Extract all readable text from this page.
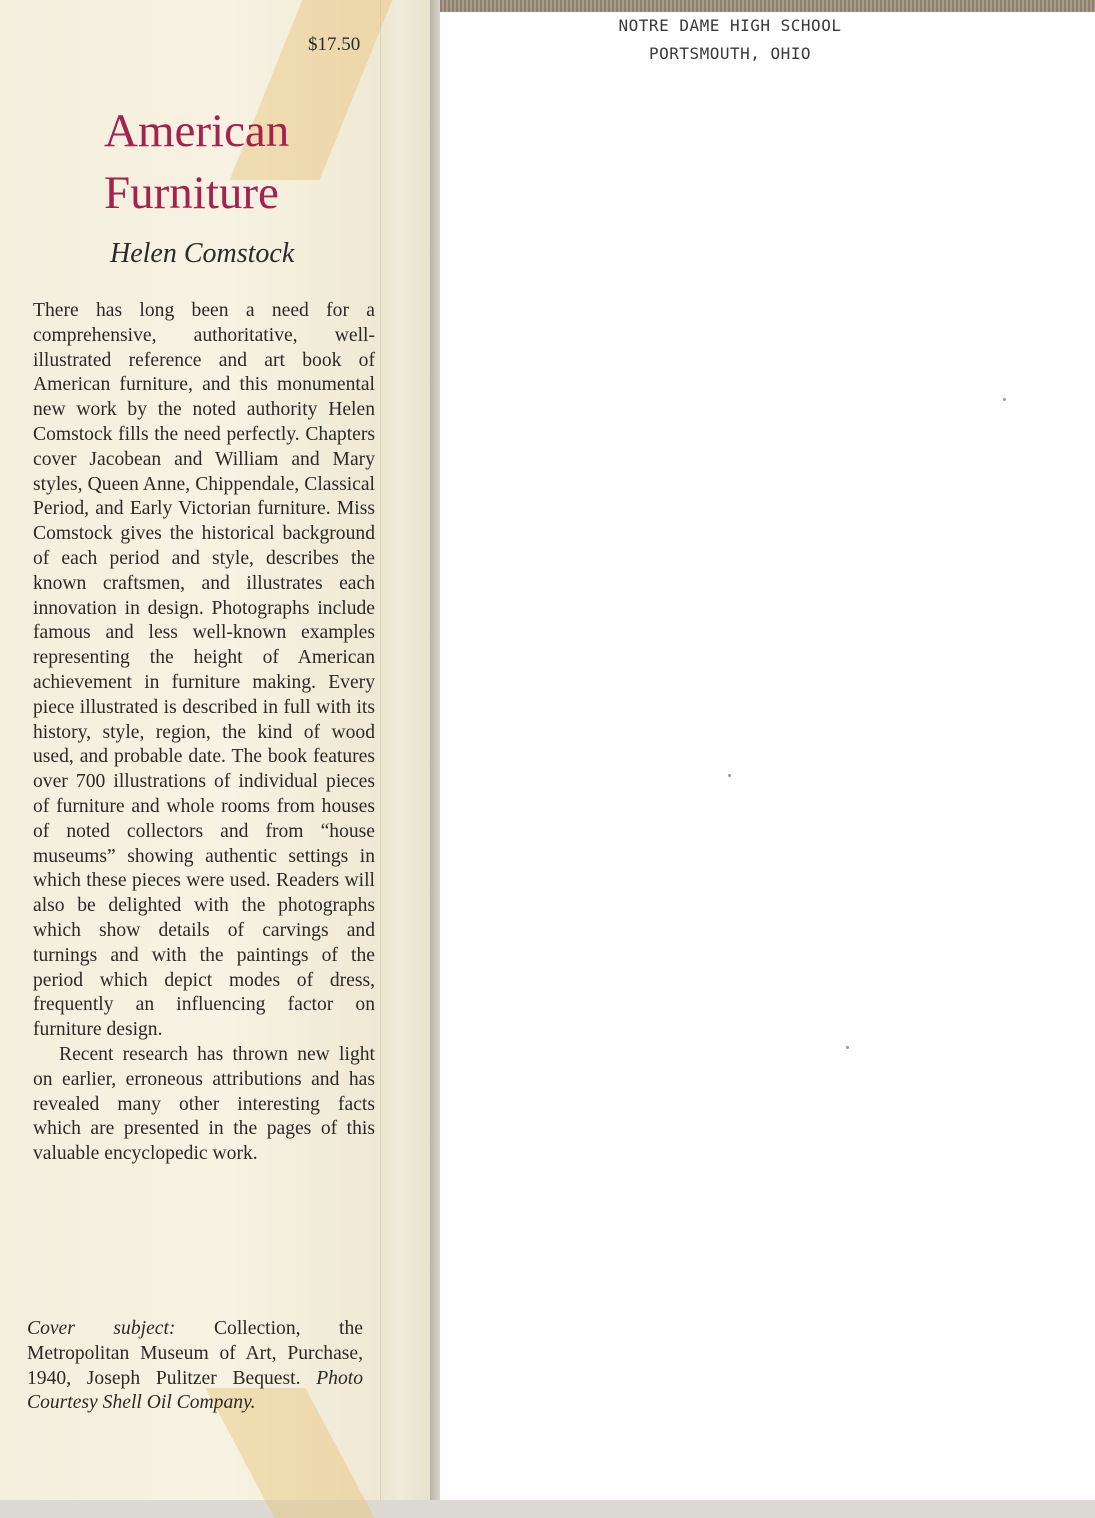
$17.50
American
Furniture
Helen Comstock

There has long been a need for a comprehensive, authoritative, well-illustrated reference and art book of American furniture, and this monumental new work by the noted authority Helen Comstock fills the need perfectly. Chapters cover Jacobean and William and Mary styles, Queen Anne, Chippendale, Classical Period, and Early Victorian furniture. Miss Comstock gives the historical background of each period and style, describes the known craftsmen, and illustrates each innovation in design. Photographs include famous and less well-known examples representing the height of American achievement in furniture making. Every piece illustrated is described in full with its history, style, region, the kind of wood used, and probable date. The book features over 700 illustrations of individual pieces of furniture and whole rooms from houses of noted collectors and from “house museums” showing authentic settings in which these pieces were used. Readers will also be delighted with the photographs which show details of carvings and turnings and with the paintings of the period which depict modes of dress, frequently an influencing factor on furniture design.

Recent research has thrown new light on earlier, erroneous attributions and has revealed many other interesting facts which are presented in the pages of this valuable encyclopedic work.

Cover subject: Collection, the Metropolitan Museum of Art, Purchase, 1940, Joseph Pulitzer Bequest. Photo Courtesy Shell Oil Company.
NOTRE DAME HIGH SCHOOL
PORTSMOUTH, OHIO
